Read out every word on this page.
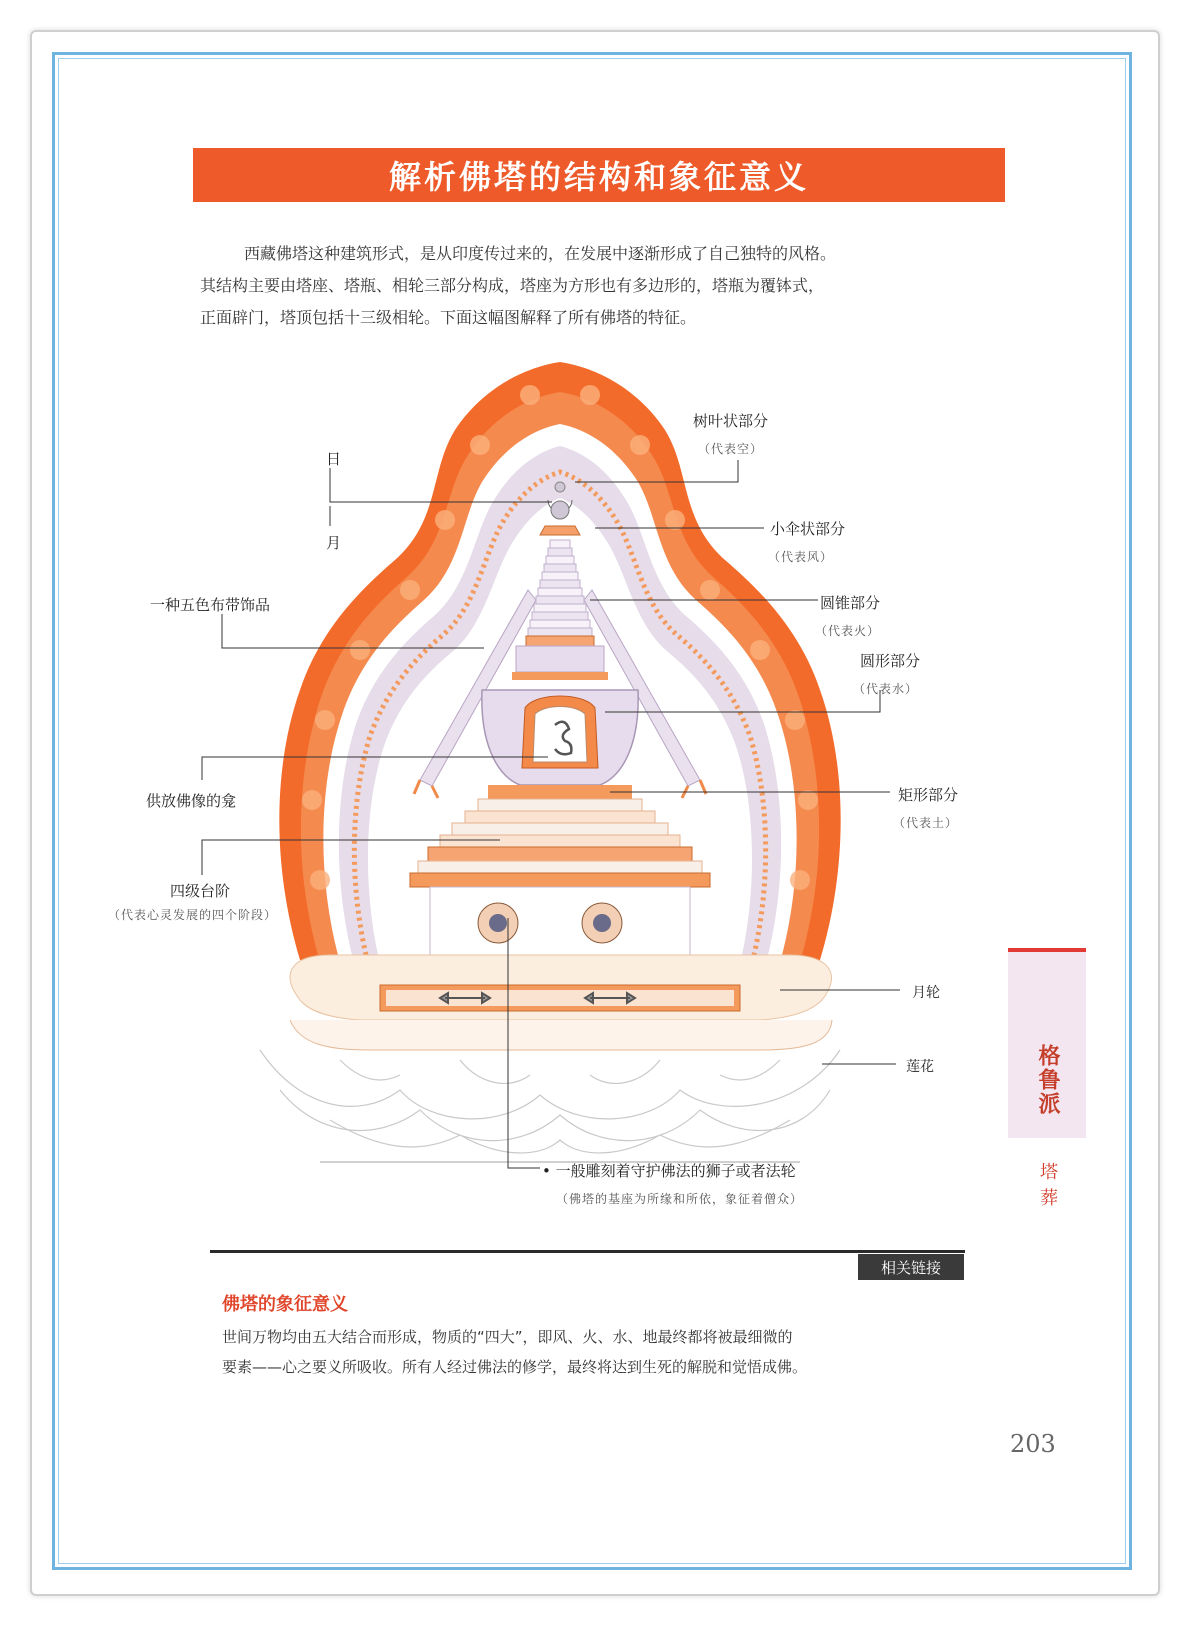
解析佛塔的结构和象征意义

西藏佛塔这种建筑形式，是从印度传过来的，在发展中逐渐形成了自己独特的风格。

其结构主要由塔座、塔瓶、相轮三部分构成，塔座为方形也有多边形的，塔瓶为覆钵式，

正面辟门，塔顶包括十三级相轮。下面这幅图解释了所有佛塔的特征。

树叶状部分
（代表空）
日
月
小伞状部分
（代表风）
一种五色布带饰品	圆锥部分
（代表火）
圆形部分
（代表水）
供放佛像的龛	矩形部分
（代表土）
四级台阶
（代表心灵发展的四个阶段）
月轮
莲花
• 一般雕刻着守护佛法的狮子或者法轮
（佛塔的基座为所缘和所依，象征着僧众）
格鲁派
塔葬
相关链接
佛塔的象征意义

世间万物均由五大结合而形成，物质的“四大”，即风、火、水、地最终都将被最细微的

要素——心之要义所吸收。所有人经过佛法的修学，最终将达到生死的解脱和觉悟成佛。

203
